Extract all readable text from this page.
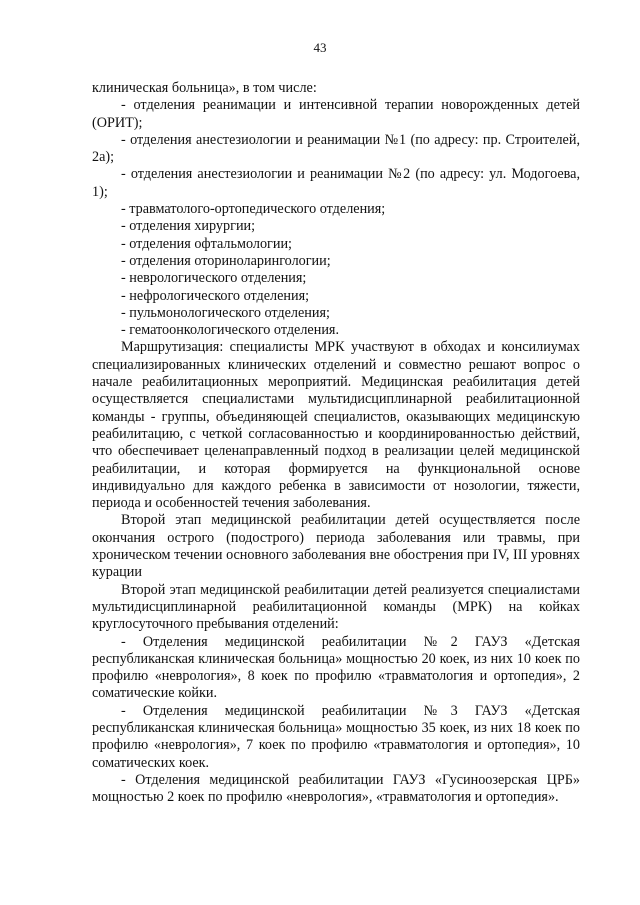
43

клиническая больница», в том числе:

- отделения реанимации и интенсивной терапии новорожденных детей (ОРИТ);

- отделения анестезиологии и реанимации №1 (по адресу: пр. Строителей, 2а);

- отделения анестезиологии и реанимации №2 (по адресу: ул. Модогоева, 1);

- травматолого-ортопедического отделения;

- отделения хирургии;

- отделения офтальмологии;

- отделения оториноларингологии;

- неврологического отделения;

- нефрологического отделения;

- пульмонологического отделения;

- гематоонкологического отделения.

Маршрутизация: специалисты МРК участвуют в обходах и консилиумах специализированных клинических отделений и совместно решают вопрос о начале реабилитационных мероприятий. Медицинская реабилитация детей осуществляется специалистами мультидисциплинарной реабилитационной команды - группы, объединяющей специалистов, оказывающих медицинскую реабилитацию, с четкой согласованностью и координированностью действий, что обеспечивает целенаправленный подход в реализации целей медицинской реабилитации, и которая формируется на функциональной основе индивидуально для каждого ребенка в зависимости от нозологии, тяжести, периода и особенностей течения заболевания.

Второй этап медицинской реабилитации детей осуществляется после окончания острого (подострого) периода заболевания или травмы, при хроническом течении основного заболевания вне обострения при IV, III уровнях курации

Второй этап медицинской реабилитации детей реализуется специалистами мультидисциплинарной реабилитационной команды (МРК) на койках круглосуточного пребывания отделений:

- Отделения медицинской реабилитации №2 ГАУЗ «Детская республиканская клиническая больница» мощностью 20 коек, из них 10 коек по профилю «неврология», 8 коек по профилю «травматология и ортопедия», 2 соматические койки.

- Отделения медицинской реабилитации №3 ГАУЗ «Детская республиканская клиническая больница» мощностью 35 коек, из них 18 коек по профилю «неврология», 7 коек по профилю «травматология и ортопедия», 10 соматических коек.

- Отделения медицинской реабилитации ГАУЗ «Гусиноозерская ЦРБ» мощностью 2 коек по профилю «неврология», «травматология и ортопедия».
